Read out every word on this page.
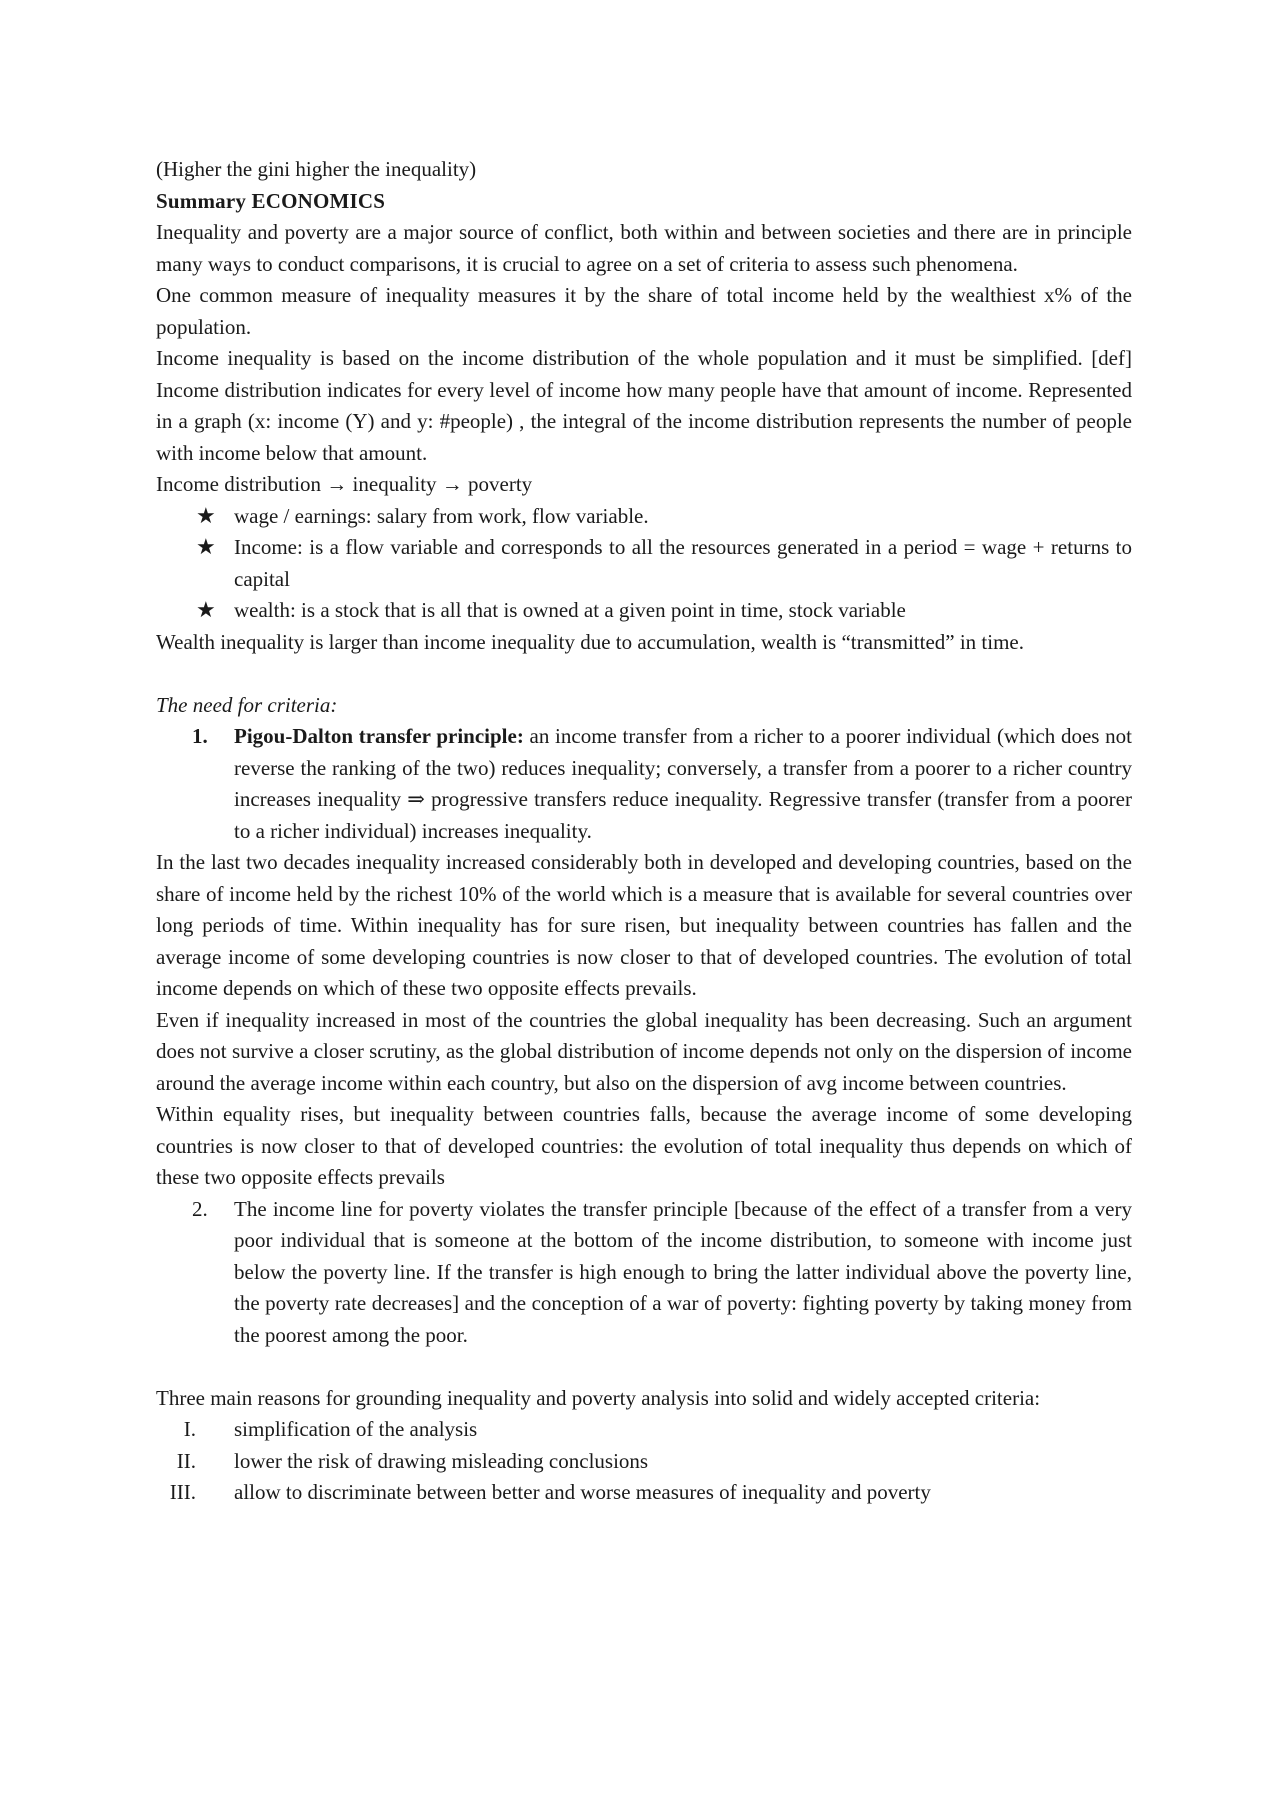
(Higher the gini higher the inequality)

Summary ECONOMICS

Inequality and poverty are a major source of conflict, both within and between societies and there are in principle many ways to conduct comparisons, it is crucial to agree on a set of criteria to assess such phenomena.

One common measure of inequality measures it by the share of total income held by the wealthiest x% of the population.

Income inequality is based on the income distribution of the whole population and it must be simplified. [def] Income distribution indicates for every level of income how many people have that amount of income. Represented in a graph (x: income (Y) and y: #people) , the integral of the income distribution represents the number of people with income below that amount.

Income distribution → inequality → poverty

★ wage / earnings: salary from work, flow variable.
★ Income: is a flow variable and corresponds to all the resources generated in a period = wage + returns to capital
★ wealth: is a stock that is all that is owned at a given point in time, stock variable

Wealth inequality is larger than income inequality due to accumulation, wealth is “transmitted” in time.

The need for criteria:

1.	Pigou-Dalton transfer principle: an income transfer from a richer to a poorer individual (which does not reverse the ranking of the two) reduces inequality; conversely, a transfer from a poorer to a richer country increases inequality ⇒ progressive transfers reduce inequality. Regressive transfer (transfer from a poorer to a richer individual) increases inequality.

In the last two decades inequality increased considerably both in developed and developing countries, based on the share of income held by the richest 10% of the world which is a measure that is available for several countries over long periods of time. Within inequality has for sure risen, but inequality between countries has fallen and the average income of some developing countries is now closer to that of developed countries. The evolution of total income depends on which of these two opposite effects prevails.

Even if inequality increased in most of the countries the global inequality has been decreasing. Such an argument does not survive a closer scrutiny, as the global distribution of income depends not only on the dispersion of income around the average income within each country, but also on the dispersion of avg income between countries.

Within equality rises, but inequality between countries falls, because the average income of some developing countries is now closer to that of developed countries: the evolution of total inequality thus depends on which of these two opposite effects prevails

2.	The income line for poverty violates the transfer principle [because of the effect of a transfer from a very poor individual that is someone at the bottom of the income distribution, to someone with income just below the poverty line. If the transfer is high enough to bring the latter individual above the poverty line, the poverty rate decreases] and the conception of a war of poverty: fighting poverty by taking money from the poorest among the poor.

Three main reasons for grounding inequality and poverty analysis into solid and widely accepted criteria:

I. simplification of the analysis
II. lower the risk of drawing misleading conclusions
III. allow to discriminate between better and worse measures of inequality and poverty
